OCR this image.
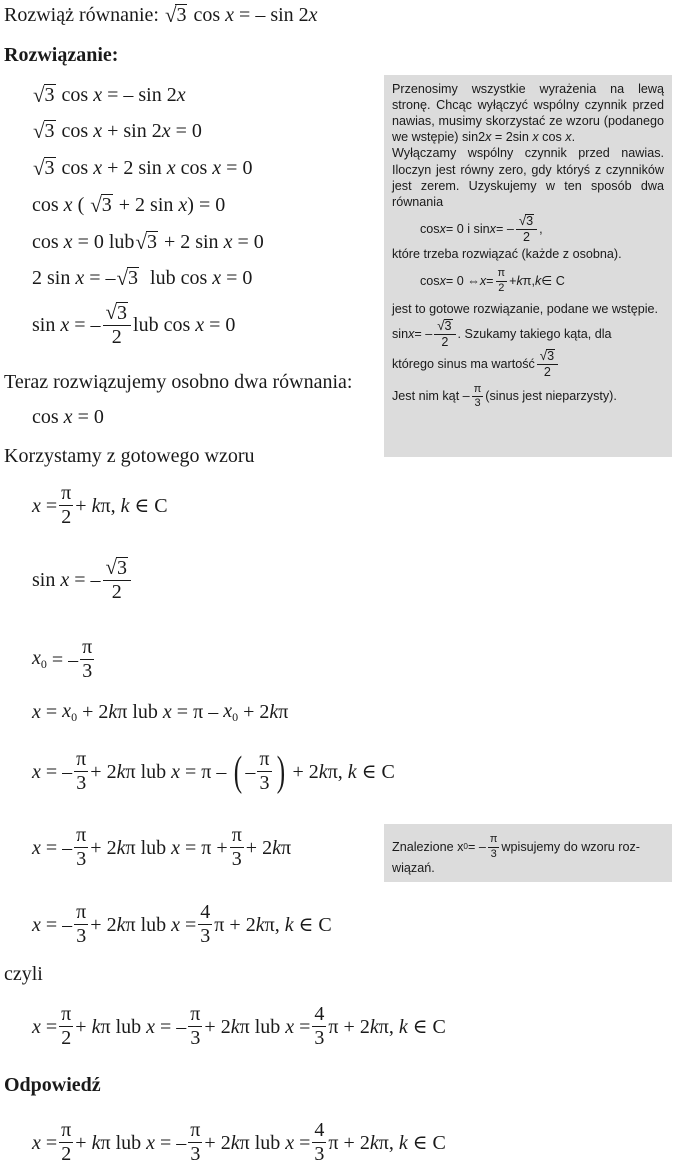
Rozwiąż równanie:
√ 3
cos
x
= – sin 2 x
Rozwiązanie:
√ 3
cos
x
= – sin 2 x
√ 3
cos
x
+ sin 2 x
= 0
√ 3
cos
x
+ 2 sin
x
cos
x
= 0
cos
x
(
√ 3
+ 2 sin
x ) = 0
cos
x
= 0 lub √ 3
+ 2 sin
x
= 0
2 sin
x
= – √ 3
lub cos
x
= 0
sin
x
= –
√ 3
2
lub cos
x
= 0
Teraz rozwiązujemy osobno dwa równania:
cos
x
= 0
Korzystamy z gotowego wzoru
x
= $\frac{\pi}{2}$ +
k π , k
∈ C
sin
x
=
–
√ 3
2
$x_0$
=
–
π
3
x
=
$x_0$
+ 2 k π
lub
x
=
π
–
$x_0$
+ 2 k π
x
=
–
π
3
+ 2 k π
lub
x
=
π
–
( –
π
3 )
+ 2 k π , k
∈ C
x
=
–
π
3
+ 2 k π
lub
x
=
π
+ $\frac{\pi}{3} + 2$ k π
x
=
–
π
3
+ 2 k π
lub
x
= $\frac{4}{3}$ π
+ 2 k π , k
∈ C
czyli
x
= $\frac{\pi}{2}$ +
k π
lub
x
=
–
π
3
+ 2 k π
lub
x
= $\frac{4}{3}$ π
+ 2 k π , k
∈ C
Odpowiedź
x
= $\frac{\pi}{2}$ +
k π
lub
x
=
–
π
3
+ 2 k π
lub
x
= $\frac{4}{3}$ π
+ 2 k π , k
∈ C

Przenosimy wszystkie wyrażenia na lewą stronę. Chcąc wyłączyć wspólny czynnik przed nawias, musimy skorzystać ze wzoru (podanego we wstępie) sin2x = 2sin x cos x.

Wyłączamy wspólny czynnik przed nawias. Iloczyn jest równy zero, gdy któryś z czynników jest zerem. Uzyskujemy w ten sposób dwa równania

cos x = 0 i sin x = –
√ 3
2
,

które trzeba rozwiązać (każde z osobna).

cos x = 0 ⇔ $x = \frac{\pi}{2} + k$ π, k ∈ C

jest to gotowe rozwiązanie, podane we wstępie.

sin x = –
√ 3
2
. Szukamy takiego kąta, dla
którego sinus ma wartość
√ 3
2
Jest nim kąt –
π
3 (sinus jest nieparzysty).
Znalezione x 0 = –
π
3 wpisujemy do wzoru roz-
wiązań.
